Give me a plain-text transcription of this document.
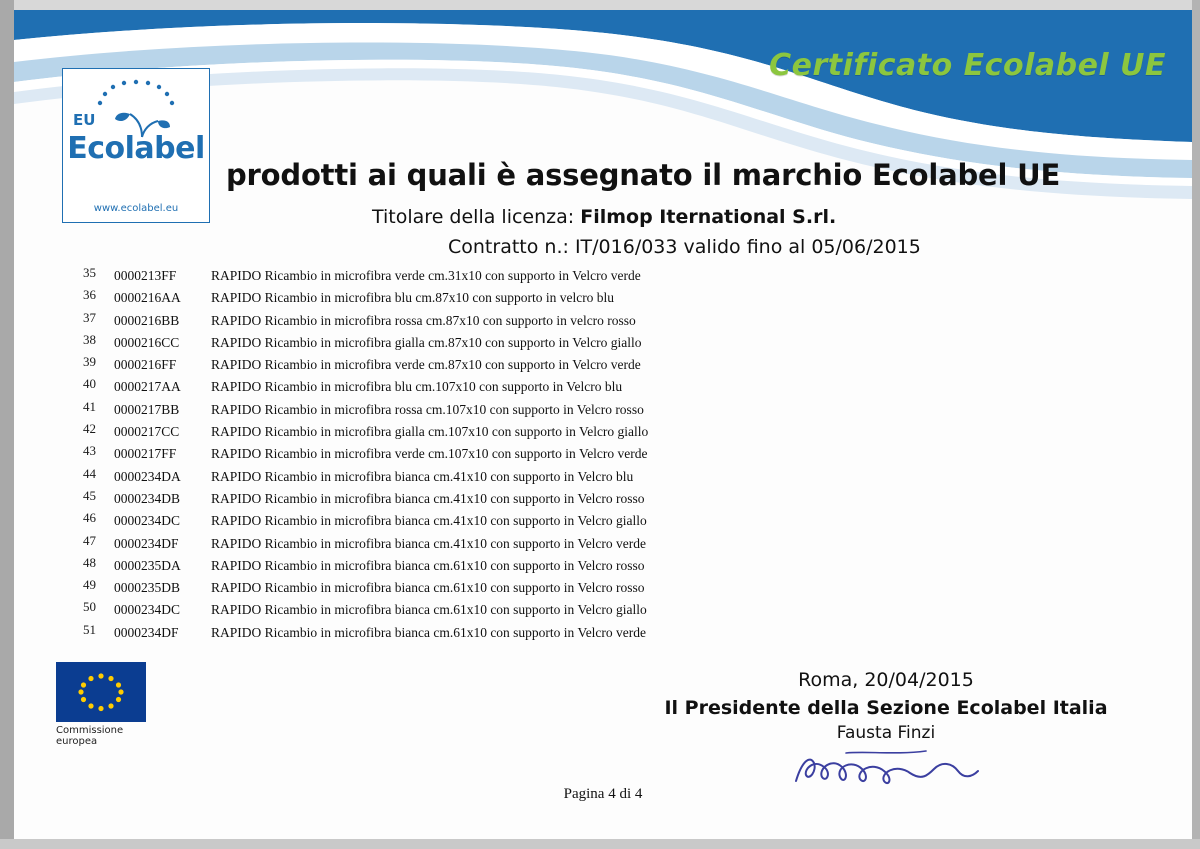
Certificato Ecolabel UE
EU
Ecolabel
www.ecolabel.eu
prodotti ai quali è assegnato il marchio Ecolabel UE
Titolare della licenza: Filmop Iternational S.rl.
Contratto n.: IT/016/033 valido fino al 05/06/2015
35	0000213FF	RAPIDO Ricambio in microfibra verde cm.31x10 con supporto in Velcro verde
36	0000216AA	RAPIDO Ricambio in microfibra blu cm.87x10 con supporto in velcro blu
37	0000216BB	RAPIDO Ricambio in microfibra rossa cm.87x10 con supporto in velcro rosso
38	0000216CC	RAPIDO Ricambio in microfibra gialla cm.87x10 con supporto in Velcro giallo
39	0000216FF	RAPIDO Ricambio in microfibra verde cm.87x10 con supporto in Velcro verde
40	0000217AA	RAPIDO Ricambio in microfibra blu cm.107x10 con supporto in Velcro blu
41	0000217BB	RAPIDO Ricambio in microfibra rossa cm.107x10 con supporto in Velcro rosso
42	0000217CC	RAPIDO Ricambio in microfibra gialla cm.107x10 con supporto in Velcro giallo
43	0000217FF	RAPIDO Ricambio in microfibra verde cm.107x10 con supporto in Velcro verde
44	0000234DA	RAPIDO Ricambio in microfibra bianca cm.41x10 con supporto in Velcro blu
45	0000234DB	RAPIDO Ricambio in microfibra bianca cm.41x10 con supporto in Velcro rosso
46	0000234DC	RAPIDO Ricambio in microfibra bianca cm.41x10 con supporto in Velcro giallo
47	0000234DF	RAPIDO Ricambio in microfibra bianca cm.41x10 con supporto in Velcro verde
48	0000235DA	RAPIDO Ricambio in microfibra bianca cm.61x10 con supporto in Velcro rosso
49	0000235DB	RAPIDO Ricambio in microfibra bianca cm.61x10 con supporto in Velcro rosso
50	0000234DC	RAPIDO Ricambio in microfibra bianca cm.61x10 con supporto in Velcro giallo
51	0000234DF	RAPIDO Ricambio in microfibra bianca cm.61x10 con supporto in Velcro verde
Commissione
europea
Roma, 20/04/2015
Il Presidente della Sezione Ecolabel Italia
Fausta Finzi
Pagina 4 di 4
